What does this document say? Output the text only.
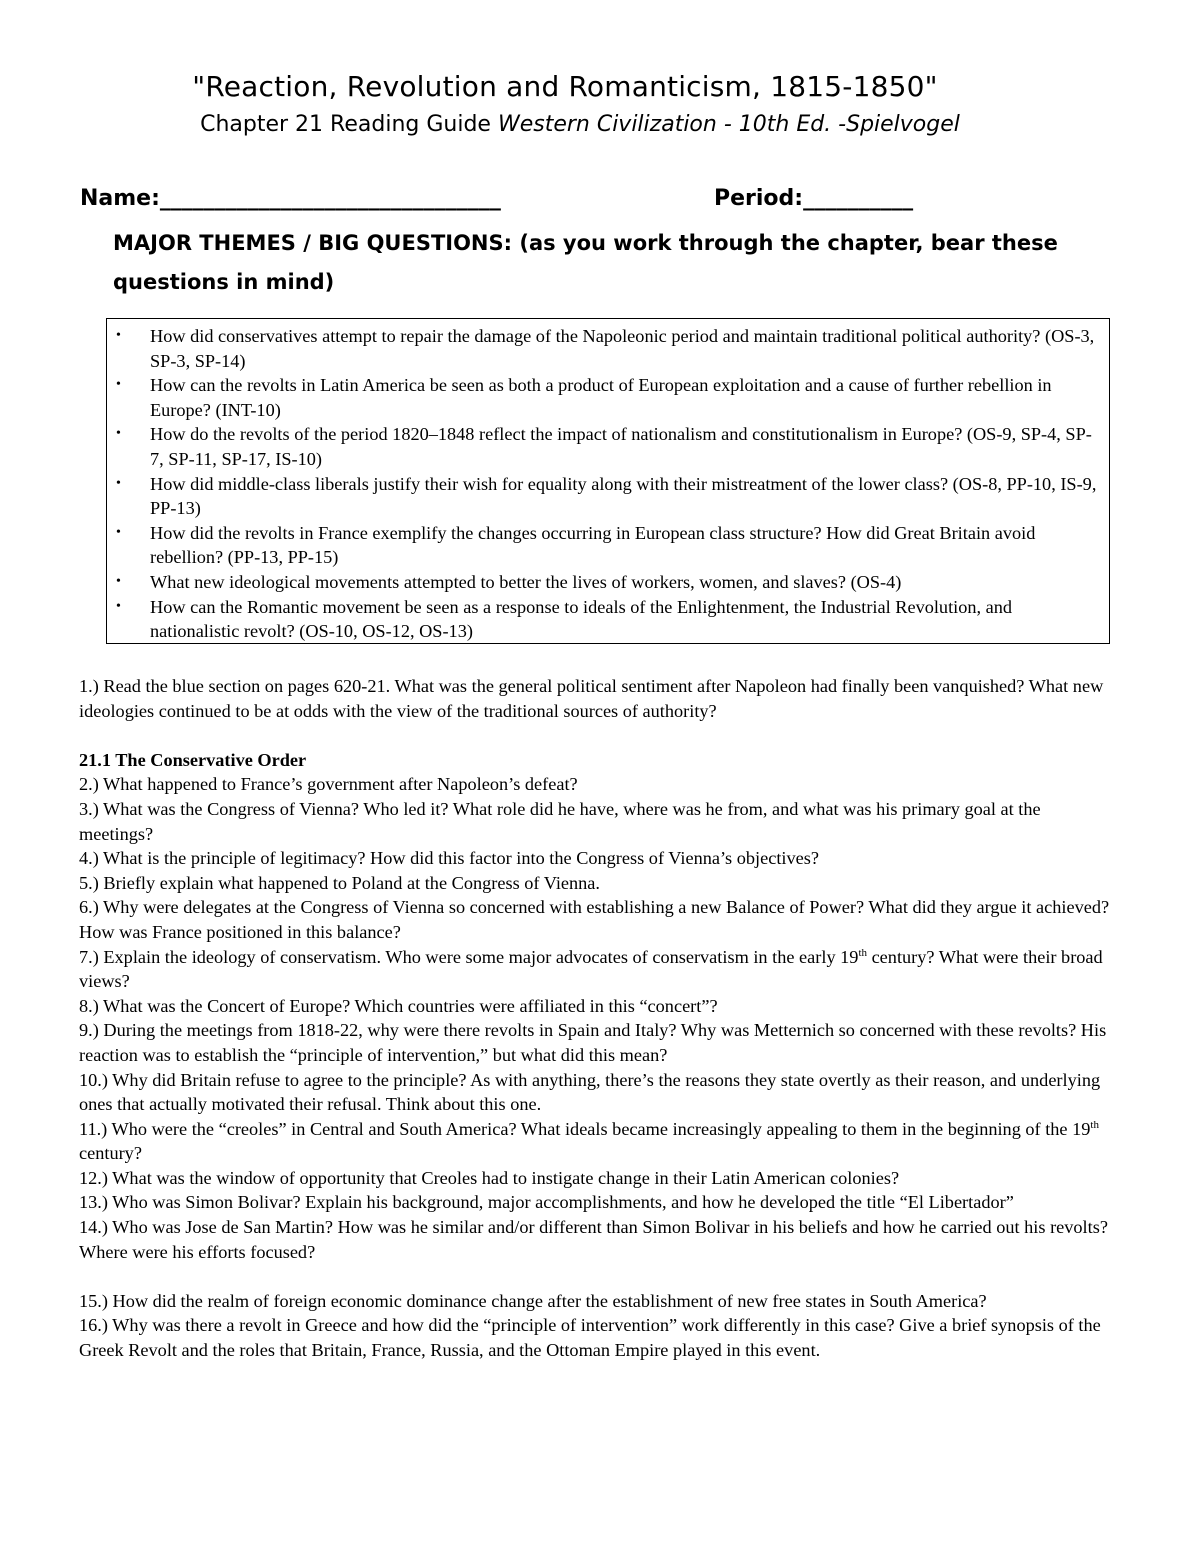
"Reaction, Revolution and Romanticism, 1815-1850"
Chapter 21 Reading Guide Western Civilization - 10th Ed. -Spielvogel
Name:_______________________________	Period:__________
MAJOR THEMES / BIG QUESTIONS: (as you work through the chapter, bear these questions in mind)
• How did conservatives attempt to repair the damage of the Napoleonic period and maintain traditional political authority? (OS-3, SP-3, SP-14)
• How can the revolts in Latin America be seen as both a product of European exploitation and a cause of further rebellion in Europe? (INT-10)
• How do the revolts of the period 1820–1848 reflect the impact of nationalism and constitutionalism in Europe? (OS-9, SP-4, SP-7, SP-11, SP-17, IS-10)
• How did middle-class liberals justify their wish for equality along with their mistreatment of the lower class? (OS-8, PP-10, IS-9, PP-13)
• How did the revolts in France exemplify the changes occurring in European class structure? How did Great Britain avoid rebellion? (PP-13, PP-15)
• What new ideological movements attempted to better the lives of workers, women, and slaves? (OS-4)
• How can the Romantic movement be seen as a response to ideals of the Enlightenment, the Industrial Revolution, and nationalistic revolt? (OS-10, OS-12, OS-13)

1.) Read the blue section on pages 620-21. What was the general political sentiment after Napoleon had finally been vanquished? What new ideologies continued to be at odds with the view of the traditional sources of authority?

21.1 The Conservative Order

2.) What happened to France’s government after Napoleon’s defeat?

3.) What was the Congress of Vienna? Who led it? What role did he have, where was he from, and what was his primary goal at the meetings?

4.) What is the principle of legitimacy? How did this factor into the Congress of Vienna’s objectives?

5.) Briefly explain what happened to Poland at the Congress of Vienna.

6.) Why were delegates at the Congress of Vienna so concerned with establishing a new Balance of Power? What did they argue it achieved? How was France positioned in this balance?

7.) Explain the ideology of conservatism. Who were some major advocates of conservatism in the early 19th century? What were their broad views?

8.) What was the Concert of Europe? Which countries were affiliated in this “concert”?

9.) During the meetings from 1818-22, why were there revolts in Spain and Italy? Why was Metternich so concerned with these revolts? His reaction was to establish the “principle of intervention,” but what did this mean?

10.) Why did Britain refuse to agree to the principle? As with anything, there’s the reasons they state overtly as their reason, and underlying ones that actually motivated their refusal. Think about this one.

11.) Who were the “creoles” in Central and South America? What ideals became increasingly appealing to them in the beginning of the 19th century?

12.) What was the window of opportunity that Creoles had to instigate change in their Latin American colonies?

13.) Who was Simon Bolivar? Explain his background, major accomplishments, and how he developed the title “El Libertador”

14.) Who was Jose de San Martin? How was he similar and/or different than Simon Bolivar in his beliefs and how he carried out his revolts? Where were his efforts focused?

15.) How did the realm of foreign economic dominance change after the establishment of new free states in South America?

16.) Why was there a revolt in Greece and how did the “principle of intervention” work differently in this case? Give a brief synopsis of the Greek Revolt and the roles that Britain, France, Russia, and the Ottoman Empire played in this event.
